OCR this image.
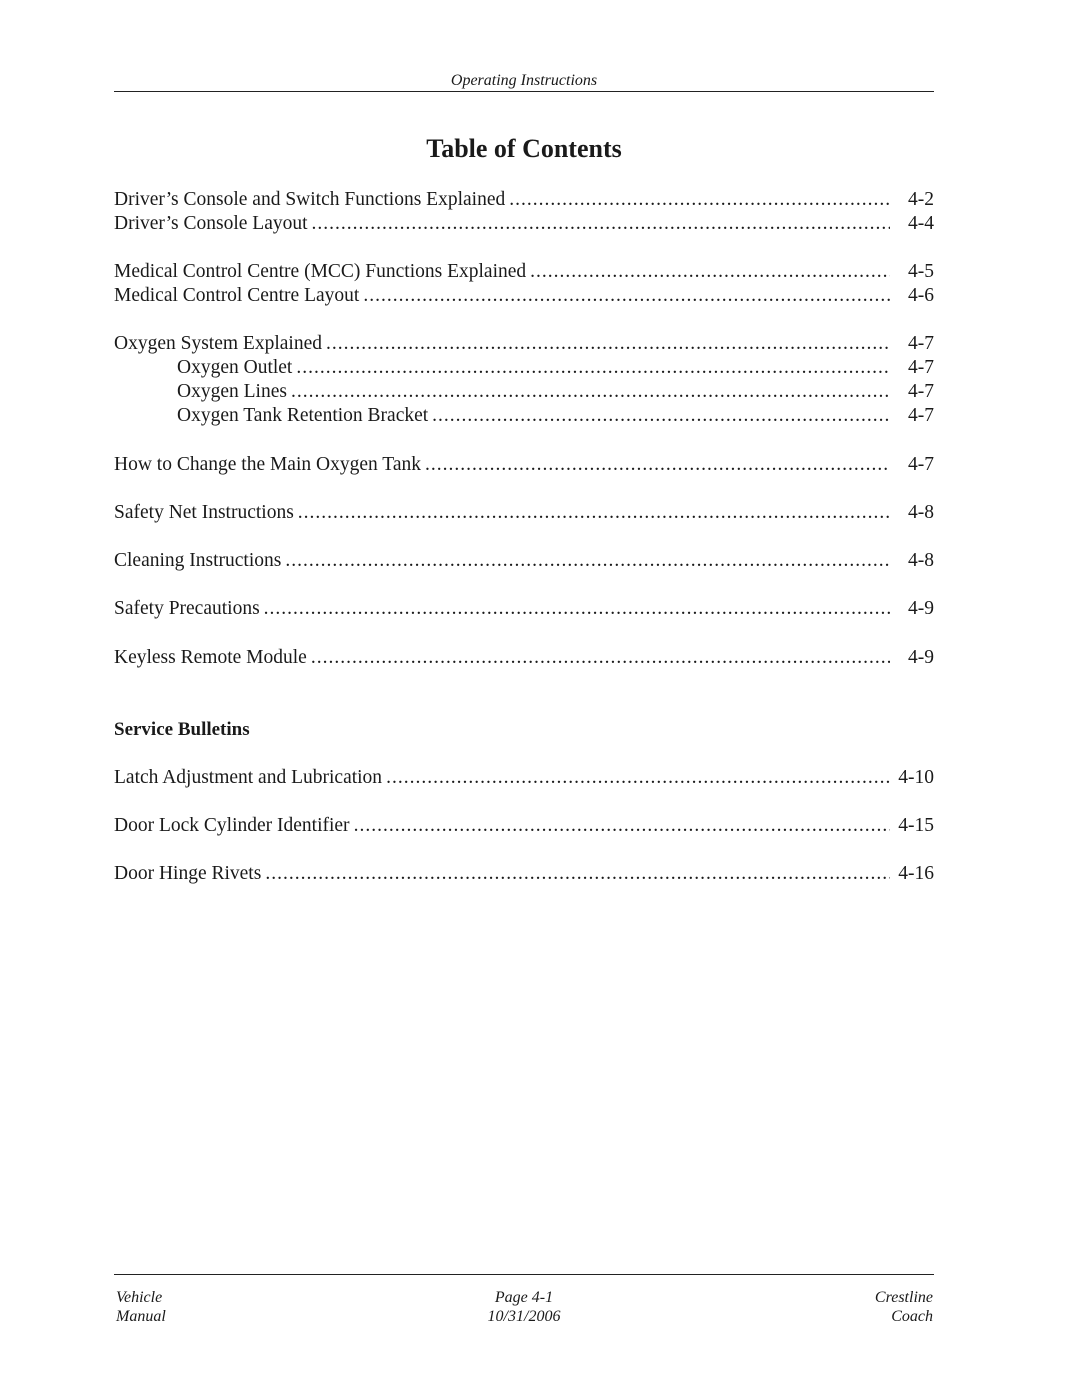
Operating Instructions
Table of Contents
Driver’s Console and Switch Functions Explained .....	4-2
Driver’s Console Layout .....	4-4
Medical Control Centre (MCC) Functions Explained .....	4-5
Medical Control Centre Layout .....	4-6
Oxygen System Explained .....	4-7
Oxygen Outlet .....	4-7
Oxygen Lines .....	4-7
Oxygen Tank Retention Bracket .....	4-7
How to Change the Main Oxygen Tank .....	4-7
Safety Net Instructions .....	4-8
Cleaning Instructions .....	4-8
Safety Precautions .....	4-9
Keyless Remote Module .....	4-9
Service Bulletins
Latch Adjustment and Lubrication .....	4-10
Door Lock Cylinder Identifier .....	4-15
Door Hinge Rivets .....	4-16
Vehicle
Manual
Page 4-1
10/31/2006
Crestline
Coach
